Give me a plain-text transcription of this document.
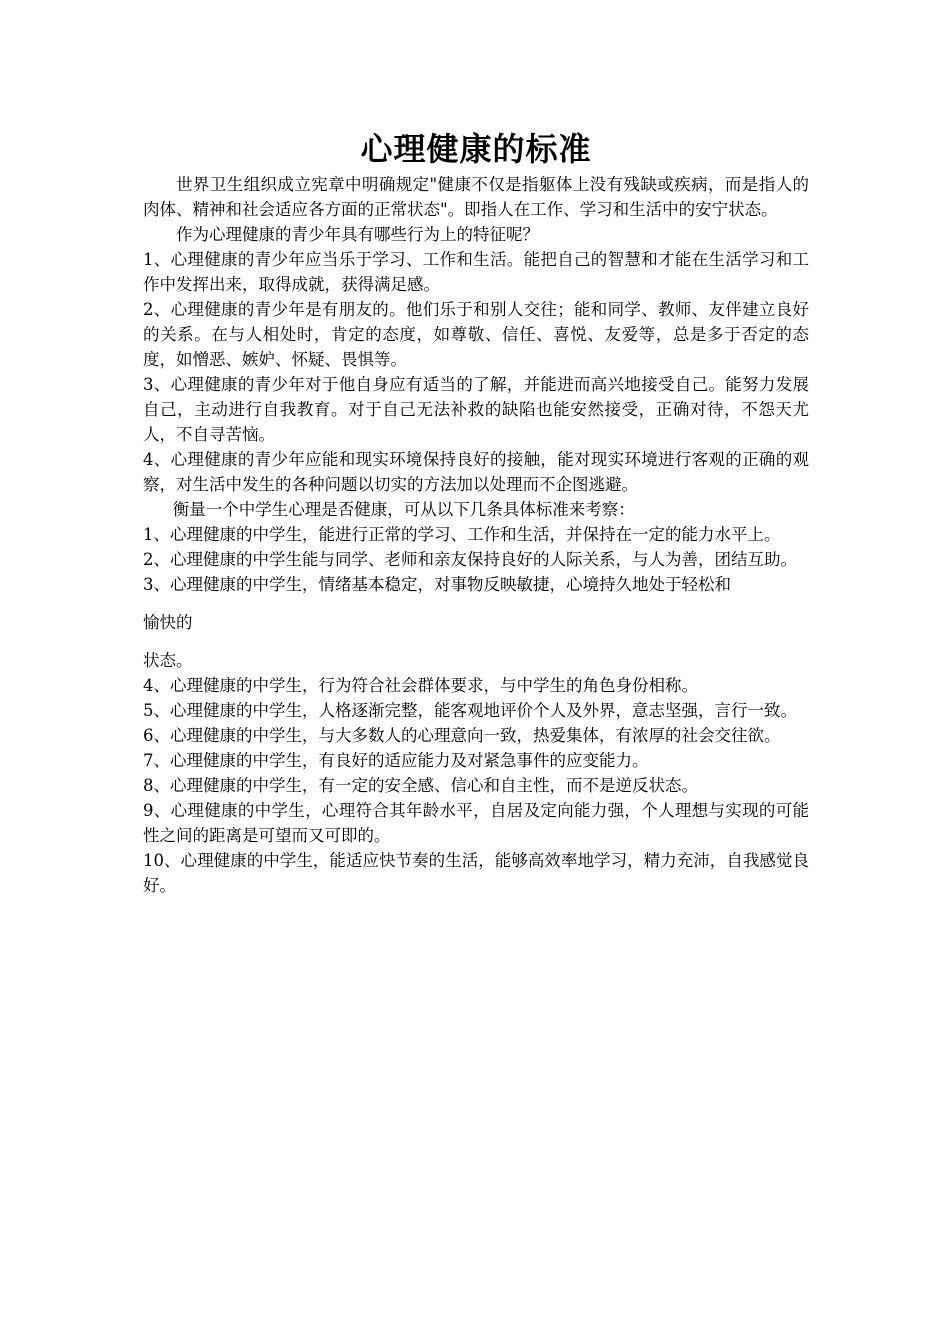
心理健康的标准

世界卫生组织成立宪章中明确规定"健康不仅是指躯体上没有残缺或疾病，而是指人的肉体、精神和社会适应各方面的正常状态"。即指人在工作、学习和生活中的安宁状态。

作为心理健康的青少年具有哪些行为上的特征呢？

1、心理健康的青少年应当乐于学习、工作和生活。能把自己的智慧和才能在生活学习和工作中发挥出来，取得成就，获得满足感。

2、心理健康的青少年是有朋友的。他们乐于和别人交往；能和同学、教师、友伴建立良好的关系。在与人相处时，肯定的态度，如尊敬、信任、喜悦、友爱等，总是多于否定的态度，如憎恶、嫉妒、怀疑、畏惧等。

3、心理健康的青少年对于他自身应有适当的了解，并能进而高兴地接受自己。能努力发展自己，主动进行自我教育。对于自己无法补救的缺陷也能安然接受，正确对待，不怨天尤人，不自寻苦恼。

4、心理健康的青少年应能和现实环境保持良好的接触，能对现实环境进行客观的正确的观察，对生活中发生的各种问题以切实的方法加以处理而不企图逃避。

衡量一个中学生心理是否健康，可从以下几条具体标准来考察：

1、心理健康的中学生，能进行正常的学习、工作和生活，并保持在一定的能力水平上。

2、心理健康的中学生能与同学、老师和亲友保持良好的人际关系，与人为善，团结互助。

3、心理健康的中学生，情绪基本稳定，对事物反映敏捷，心境持久地处于轻松和

愉快的

状态。

4、心理健康的中学生，行为符合社会群体要求，与中学生的角色身份相称。

5、心理健康的中学生，人格逐渐完整，能客观地评价个人及外界，意志坚强，言行一致。

6、心理健康的中学生，与大多数人的心理意向一致，热爱集体，有浓厚的社会交往欲。

7、心理健康的中学生，有良好的适应能力及对紧急事件的应变能力。

8、心理健康的中学生，有一定的安全感、信心和自主性，而不是逆反状态。

9、心理健康的中学生，心理符合其年龄水平，自居及定向能力强，个人理想与实现的可能性之间的距离是可望而又可即的。

10、心理健康的中学生，能适应快节奏的生活，能够高效率地学习，精力充沛，自我感觉良好。
